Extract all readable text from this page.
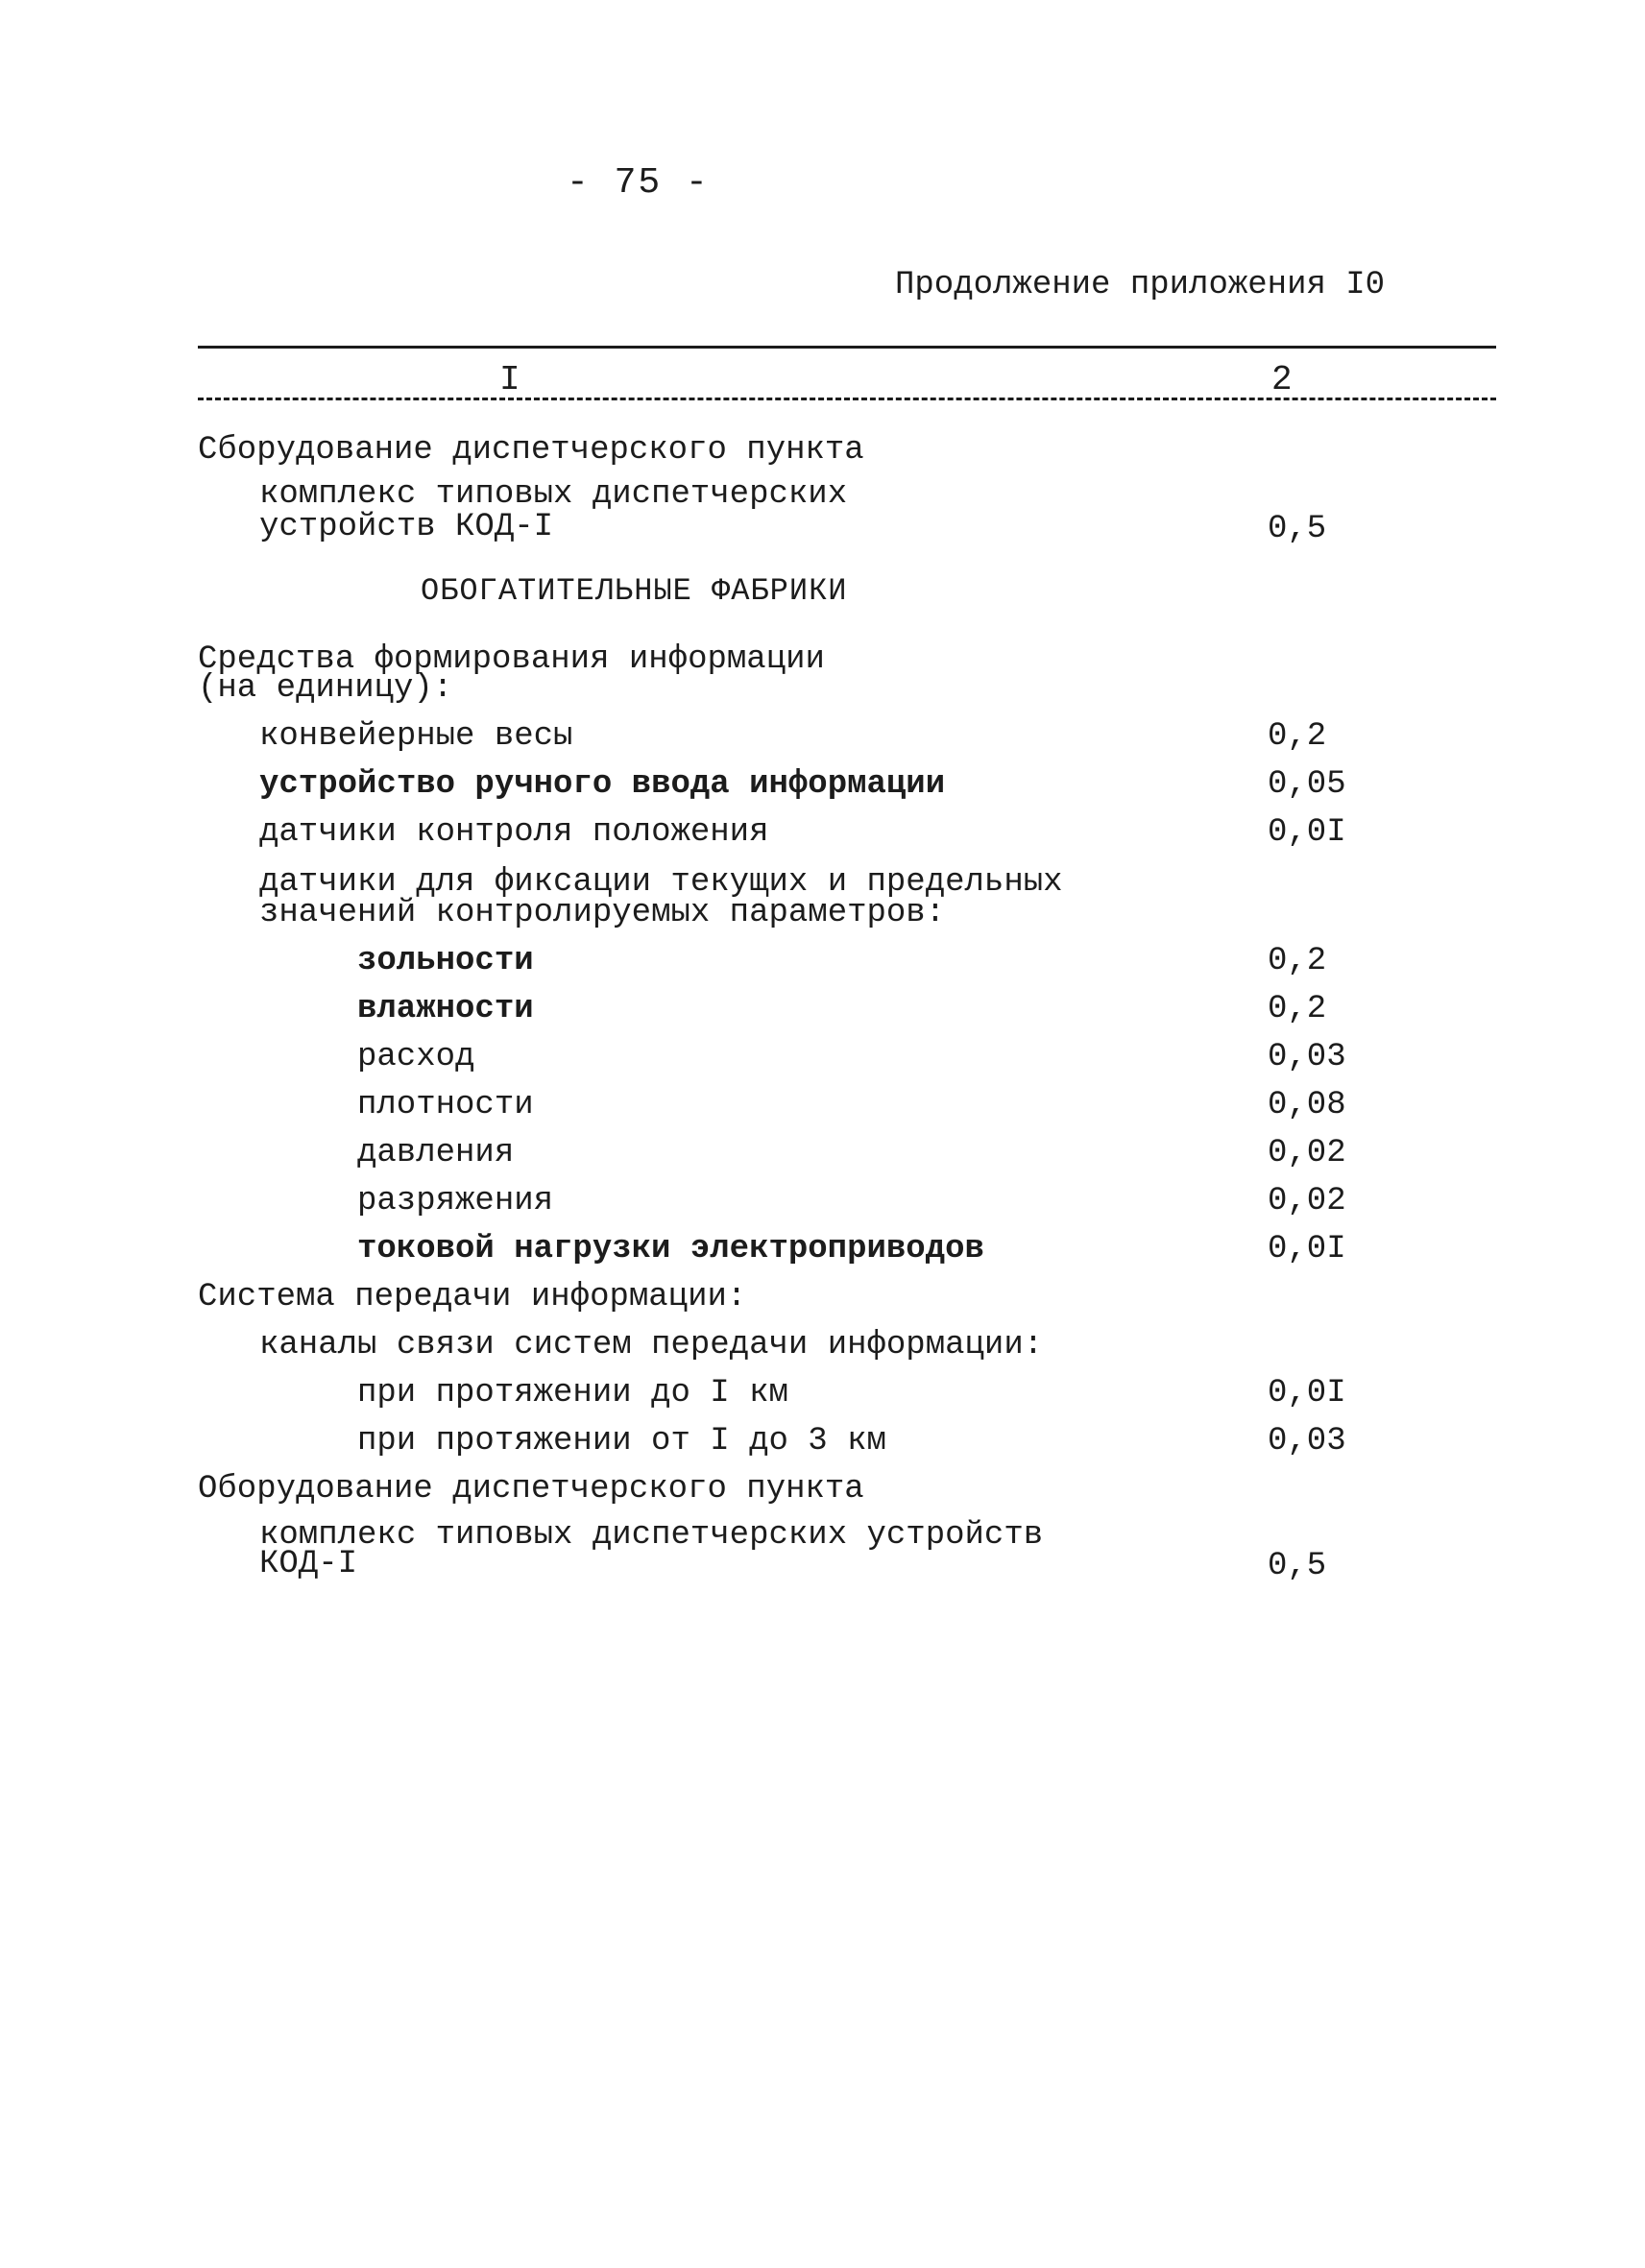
- 75 -
Продолжение приложения I0
I	2
Сборудование диспетчерского пункта
комплекс типовых диспетчерских
устройств КОД-I	0,5
ОБОГАТИТЕЛЬНЫЕ ФАБРИКИ
Средства формирования информации
(на единицу):
конвейерные весы	0,2
устройство ручного ввода информации	0,05
датчики контроля положения	0,0I
датчики для фиксации текущих и предельных
значений контролируемых параметров:
зольности	0,2
влажности	0,2
расход	0,03
плотности	0,08
давления	0,02
разряжения	0,02
токовой нагрузки электроприводов	0,0I
Система передачи информации:
каналы связи систем передачи информации:
при протяжении до I км	0,0I
при протяжении от I до 3 км	0,03
Оборудование диспетчерского пункта
комплекс типовых диспетчерских устройств
КОД-I	0,5
